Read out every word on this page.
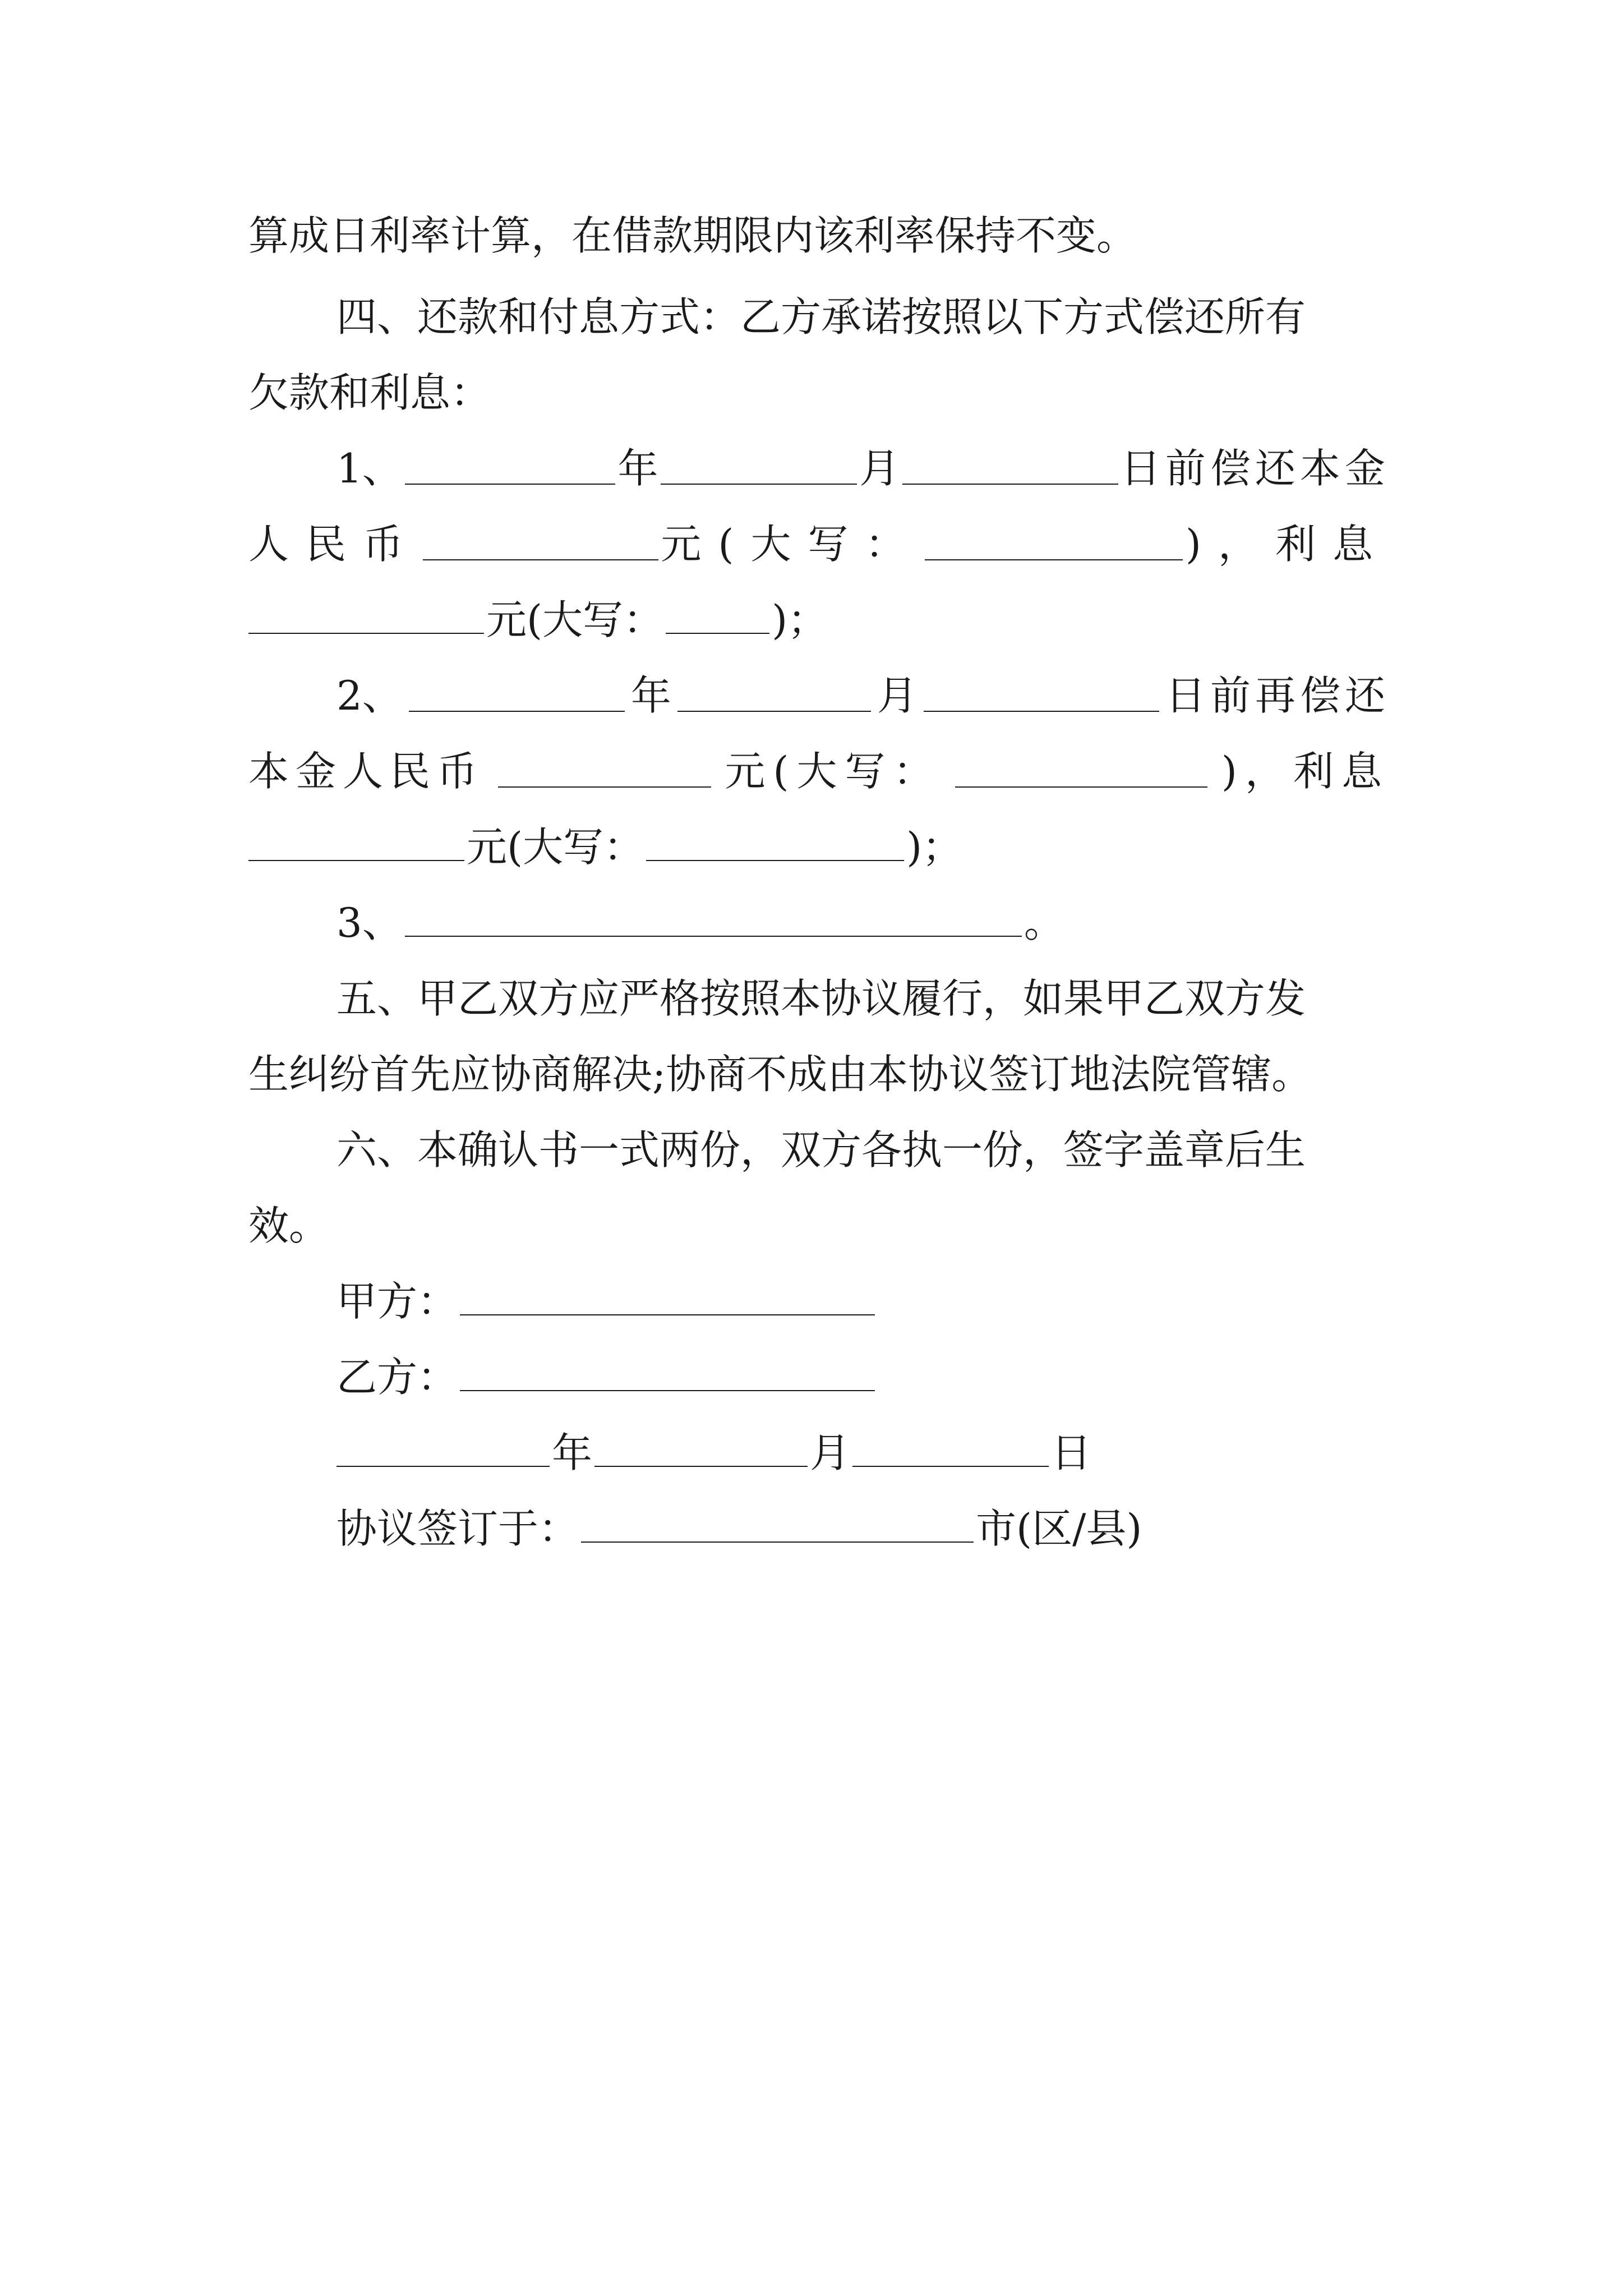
算成日利率计算，在借款期限内该利率保持不变。
四、还款和付息方式：乙方承诺按照以下方式偿还所有
欠款和利息：
1、	年	月	日前偿还本金
人民币	元(大写：	)，利息
元(大写：	)；
2、	年	月	日前再偿还
本金人民币	元(大写：	)，利息
元(大写：	)；
3、	。
五、甲乙双方应严格按照本协议履行，如果甲乙双方发
生纠纷首先应协商解决;协商不成由本协议签订地法院管辖。
六、本确认书一式两份，双方各执一份，签字盖章后生
效。
甲方：
乙方：
年	月	日
协议签订于：	市(区/县)
